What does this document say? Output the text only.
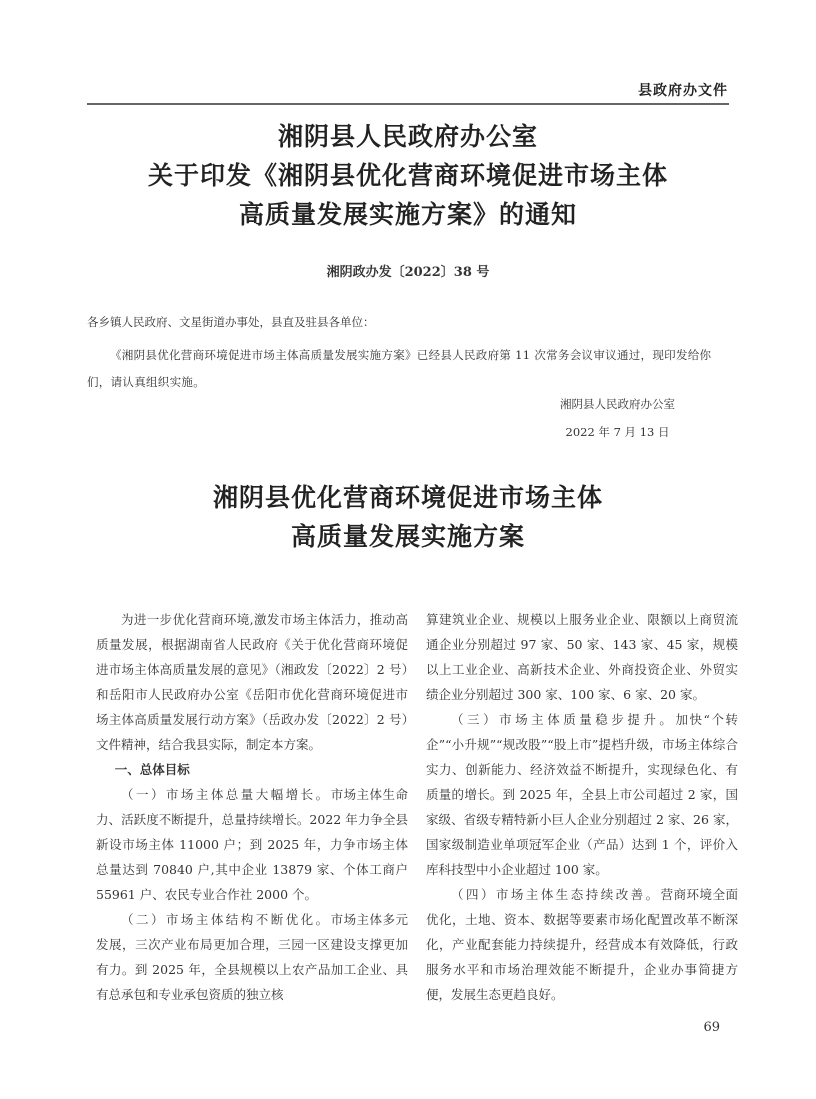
县政府办文件
湘阴县人民政府办公室
关于印发《湘阴县优化营商环境促进市场主体
高质量发展实施方案》的通知
湘阴政办发〔2022〕38 号
各乡镇人民政府、文星街道办事处，县直及驻县各单位：
《湘阴县优化营商环境促进市场主体高质量发展实施方案》已经县人民政府第 11 次常务会议审议通过，现印发给你们，请认真组织实施。
湘阴县人民政府办公室
2022 年 7 月 13 日
湘阴县优化营商环境促进市场主体
高质量发展实施方案

为进一步优化营商环境,激发市场主体活力，推动高质量发展，根据湖南省人民政府《关于优化营商环境促进市场主体高质量发展的意见》（湘政发〔2022〕2 号）和岳阳市人民政府办公室《岳阳市优化营商环境促进市场主体高质量发展行动方案》（岳政办发〔2022〕2 号）文件精神，结合我县实际，制定本方案。

一、总体目标

（一）市场主体总量大幅增长。市场主体生命力、活跃度不断提升，总量持续增长。2022 年力争全县新设市场主体 11000 户；到 2025 年，力争市场主体总量达到 70840 户,其中企业 13879 家、个体工商户 55961 户、农民专业合作社 2000 个。

（二）市场主体结构不断优化。市场主体多元发展，三次产业布局更加合理，三园一区建设支撑更加有力。到 2025 年，全县规模以上农产品加工企业、具有总承包和专业承包资质的独立核

算建筑业企业、规模以上服务业企业、限额以上商贸流通企业分别超过 97 家、50 家、143 家、45 家，规模以上工业企业、高新技术企业、外商投资企业、外贸实绩企业分别超过 300 家、100 家、6 家、20 家。

（三）市场主体质量稳步提升。加快“个转企”“小升规”“规改股”“股上市”提档升级，市场主体综合实力、创新能力、经济效益不断提升，实现绿色化、有质量的增长。到 2025 年，全县上市公司超过 2 家，国家级、省级专精特新小巨人企业分别超过 2 家、26 家，国家级制造业单项冠军企业（产品）达到 1 个，评价入库科技型中小企业超过 100 家。

（四）市场主体生态持续改善。营商环境全面优化，土地、资本、数据等要素市场化配置改革不断深化，产业配套能力持续提升，经营成本有效降低，行政服务水平和市场治理效能不断提升，企业办事简捷方便，发展生态更趋良好。

69
